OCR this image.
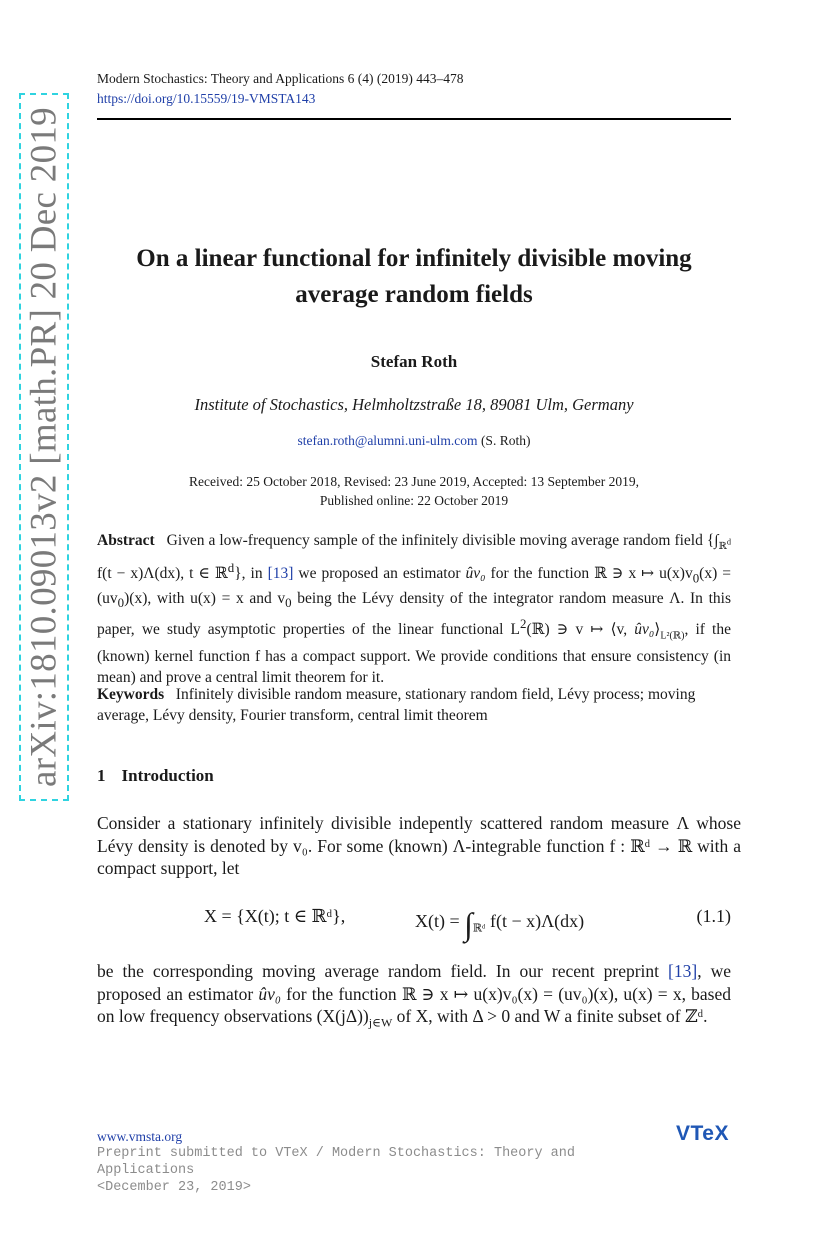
arXiv:1810.09013v2 [math.PR] 20 Dec 2019
Modern Stochastics: Theory and Applications 6 (4) (2019) 443–478
https://doi.org/10.15559/19-VMSTA143
On a linear functional for infinitely divisible moving
average random fields
Stefan Roth
Institute of Stochastics, Helmholtzstraße 18, 89081 Ulm, Germany
stefan.roth@alumni.uni-ulm.com (S. Roth)
Received: 25 October 2018, Revised: 23 June 2019, Accepted: 13 September 2019,
Published online: 22 October 2019
Abstract Given a low-frequency sample of the infinitely divisible moving average random field {$\int_{ℝ^d}$ f(t − x)Λ(dx), t ∈ ℝ$^d$}, in [13] we proposed an estimator ûv₀ for the function ℝ ∋ x ↦ $u(x)v_0(x) = (uv_0)(x)$, with u(x) = x and $v_0$ being the Lévy density of the integrator random measure Λ. In this paper, we study asymptotic properties of the linear functional $L^2(ℝ)$ ∋ v ↦ ⟨v, $ûv_0⟩_{L^2(ℝ)}$, if the (known) kernel function f has a compact support. We provide conditions that ensure consistency (in mean) and prove a central limit theorem for it.
Keywords Infinitely divisible random measure, stationary random field, Lévy process; moving average, Lévy density, Fourier transform, central limit theorem
1 Introduction
Consider a stationary infinitely divisible indepently scattered random measure Λ whose Lévy density is denoted by v₀. For some (known) Λ-integrable function f : ℝᵈ → ℝ with a compact support, let
X = {X(t); t ∈ ℝᵈ},	$X(t) = \int_{ℝᵈ}$ f(t − x)Λ(dx)	(1.1)
be the corresponding moving average random field. In our recent preprint [13], we proposed an estimator ûv₀ for the function ℝ ∋ x ↦ u(x)v₀(x) = (uv₀)(x), u(x) = x, based on low frequency observations $(X(j\Delta))_{j\in W}$ of X, with Δ > 0 and W a finite subset of ℤᵈ.
www.vmsta.org
Preprint submitted to VTeX / Modern Stochastics: Theory and
Applications
<December 23, 2019>
VTeX
